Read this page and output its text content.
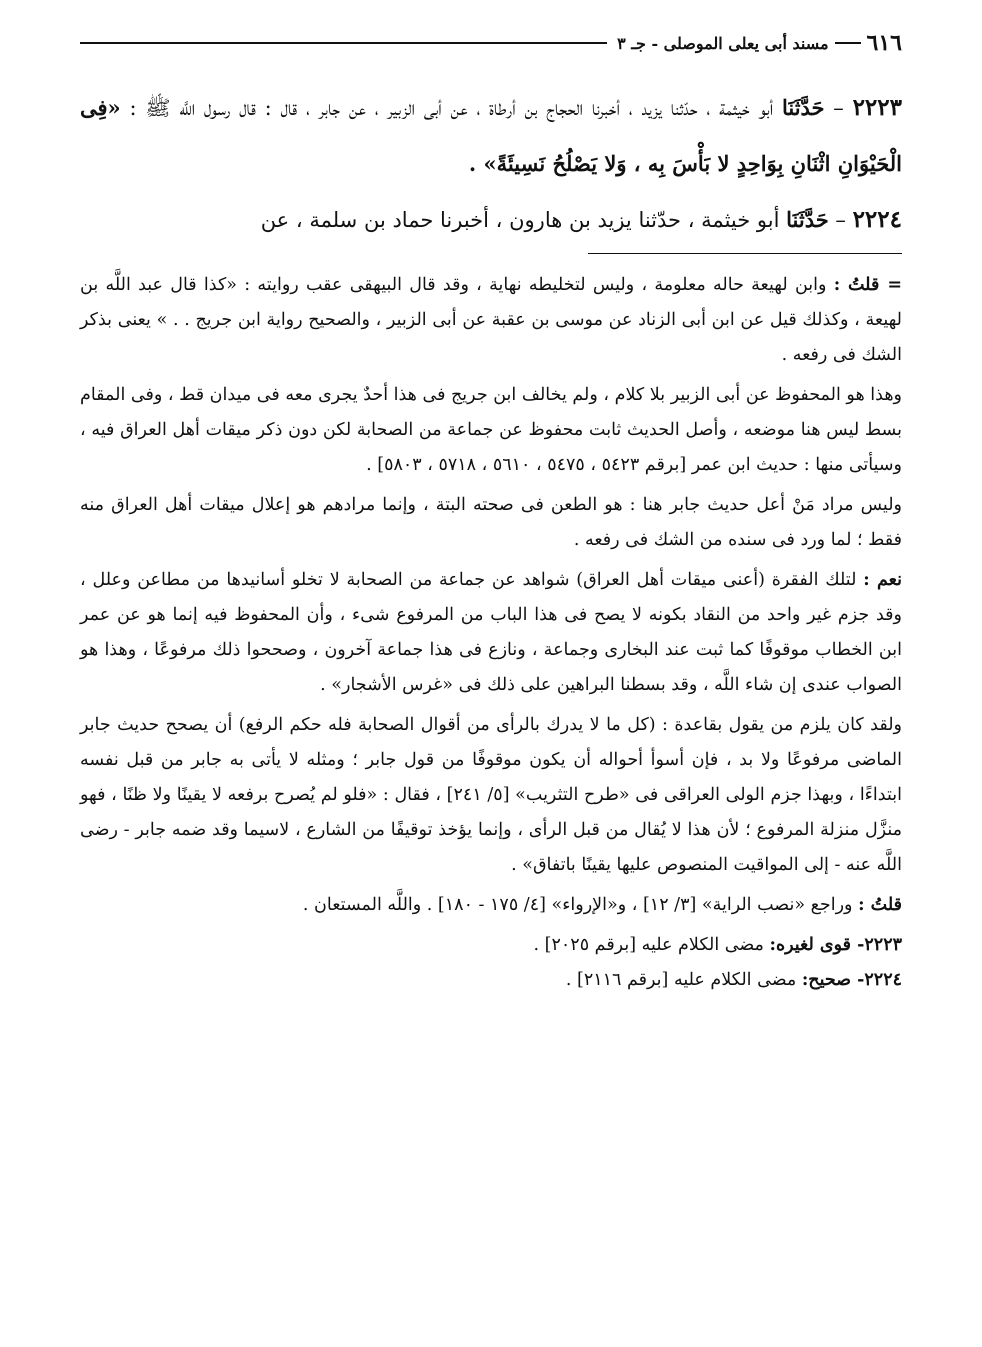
٦١٦
مسند أبى يعلى الموصلى - جـ ٣

٢٢٢٣ – حَدَّثَنَا أبو خيثمة ، حدّثنا يزيد ، أخبرنا الحجاج بن أرطاة ، عن أبى الزبير ، عن جابر ، قال : قال رسول اللَّه ﷺ : «فِى الْحَيْوَانِ اثْنَانِ بِوَاحِدٍ لا بَأْسَ بِه ، وَلا يَصْلُحُ نَسِيئَةً» .

٢٢٢٤ – حَدَّثَنَا أبو خيثمة ، حدّثنا يزيد بن هارون ، أخبرنا حماد بن سلمة ، عن

=قلتُ : وابن لهيعة حاله معلومة ، وليس لتخليطه نهاية ، وقد قال البيهقى عقب روايته : «كذا قال عبد اللَّه بن لهيعة ، وكذلك قيل عن ابن أبى الزناد عن موسى بن عقبة عن أبى الزبير ، والصحيح رواية ابن جريج . . » يعنى بذكر الشك فى رفعه .

وهذا هو المحفوظ عن أبى الزبير بلا كلام ، ولم يخالف ابن جريج فى هذا أحدٌ يجرى معه فى ميدان قط ، وفى المقام بسط ليس هنا موضعه ، وأصل الحديث ثابت محفوظ عن جماعة من الصحابة لكن دون ذكر ميقات أهل العراق فيه ، وسيأتى منها : حديث ابن عمر [برقم ٥٤٢٣ ، ٥٤٧٥ ، ٥٦١٠ ، ٥٧١٨ ، ٥٨٠٣] .

وليس مراد مَنْ أعل حديث جابر هنا : هو الطعن فى صحته البتة ، وإنما مرادهم هو إعلال ميقات أهل العراق منه فقط ؛ لما ورد فى سنده من الشك فى رفعه .

نعم : لتلك الفقرة (أعنى ميقات أهل العراق) شواهد عن جماعة من الصحابة لا تخلو أسانيدها من مطاعن وعلل ، وقد جزم غير واحد من النقاد بكونه لا يصح فى هذا الباب من المرفوع شىء ، وأن المحفوظ فيه إنما هو عن عمر ابن الخطاب موقوفًا كما ثبت عند البخارى وجماعة ، ونازع فى هذا جماعة آخرون ، وصححوا ذلك مرفوعًا ، وهذا هو الصواب عندى إن شاء اللَّه ، وقد بسطنا البراهين على ذلك فى «غرس الأشجار» .

ولقد كان يلزم من يقول بقاعدة : (كل ما لا يدرك بالرأى من أقوال الصحابة فله حكم الرفع) أن يصحح حديث جابر الماضى مرفوعًا ولا بد ، فإن أسوأ أحواله أن يكون موقوفًا من قول جابر ؛ ومثله لا يأتى به جابر من قبل نفسه ابتداءًا ، وبهذا جزم الولى العراقى فى «طرح التثريب» [٥/ ٢٤١] ، فقال : «فلو لم يُصرح برفعه لا يقينًا ولا ظنًا ، فهو منزَّل منزلة المرفوع ؛ لأن هذا لا يُقال من قبل الرأى ، وإنما يؤخذ توقيفًا من الشارع ، لاسيما وقد ضمه جابر - رضى اللَّه عنه - إلى المواقيت المنصوص عليها يقينًا باتفاق» .

قلتُ : وراجع «نصب الراية» [٣/ ١٢] ، و«الإرواء» [٤/ ١٧٥ - ١٨٠] . واللَّه المستعان .

٢٢٢٣- قوى لغيره: مضى الكلام عليه [برقم ٢٠٢٥] .

٢٢٢٤- صحيح: مضى الكلام عليه [برقم ٢١١٦] .
